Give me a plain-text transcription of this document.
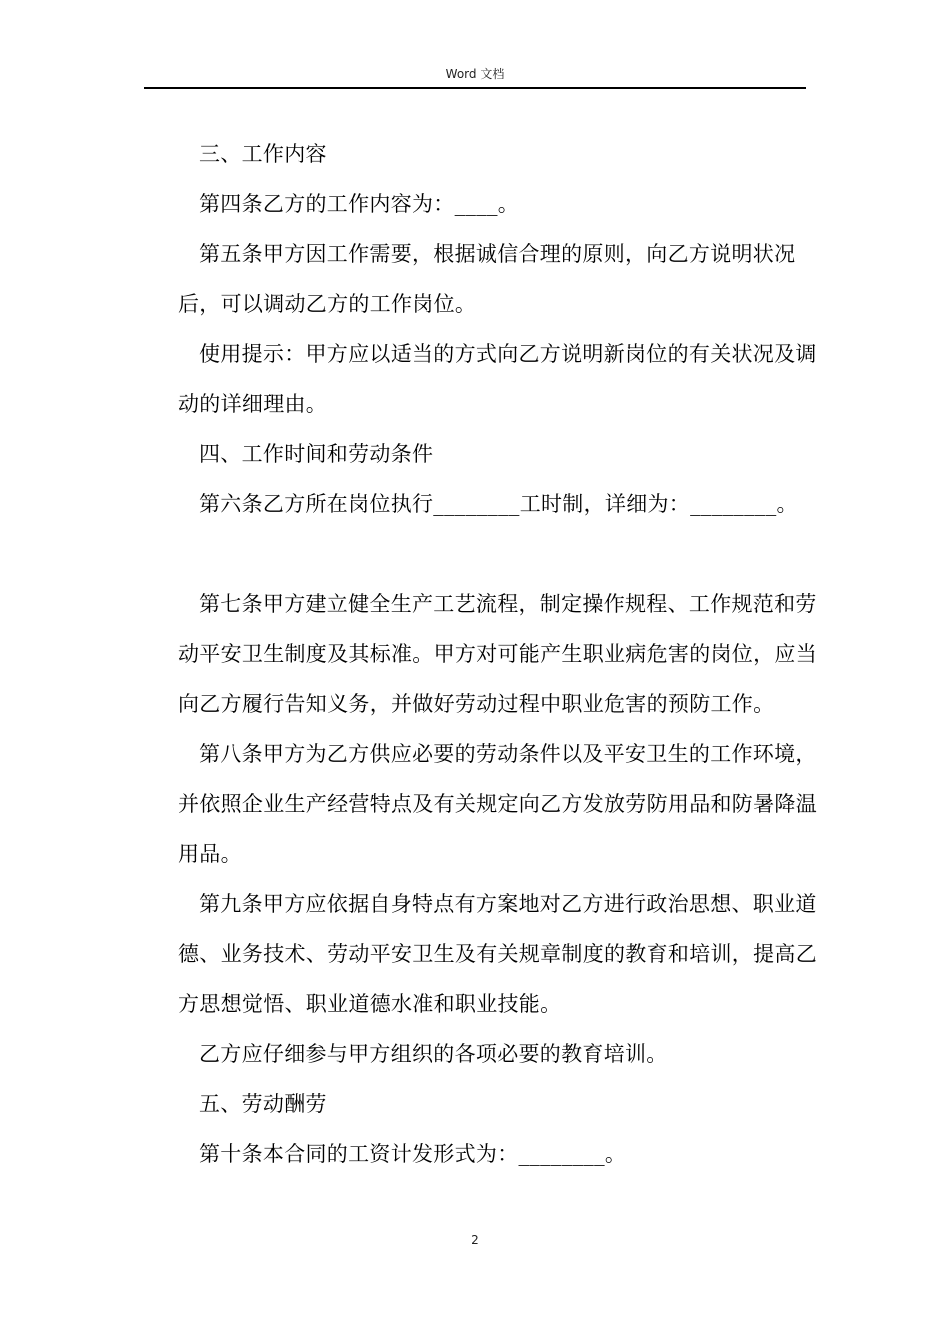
Word 文档

三、工作内容

第四条乙方的工作内容为：____。

第五条甲方因工作需要，根据诚信合理的原则，向乙方说明状况后，可以调动乙方的工作岗位。

使用提示：甲方应以适当的方式向乙方说明新岗位的有关状况及调动的详细理由。

四、工作时间和劳动条件

第六条乙方所在岗位执行________工时制，详细为：________。

第七条甲方建立健全生产工艺流程，制定操作规程、工作规范和劳动平安卫生制度及其标准。甲方对可能产生职业病危害的岗位，应当向乙方履行告知义务，并做好劳动过程中职业危害的预防工作。

第八条甲方为乙方供应必要的劳动条件以及平安卫生的工作环境，并依照企业生产经营特点及有关规定向乙方发放劳防用品和防暑降温用品。

第九条甲方应依据自身特点有方案地对乙方进行政治思想、职业道德、业务技术、劳动平安卫生及有关规章制度的教育和培训，提高乙方思想觉悟、职业道德水准和职业技能。

乙方应仔细参与甲方组织的各项必要的教育培训。

五、劳动酬劳

第十条本合同的工资计发形式为：________。

2
